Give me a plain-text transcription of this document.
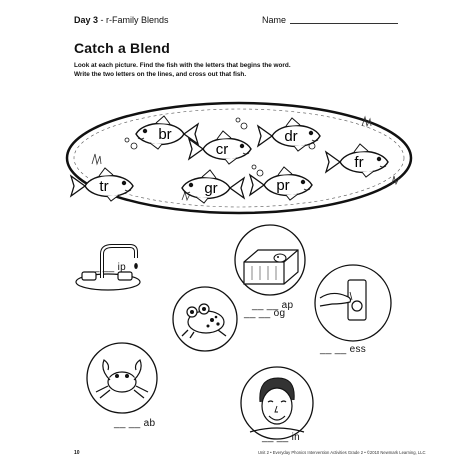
Day 3 - r-Family Blends	Name
Catch a Blend
Look at each picture. Find the fish with the letters that begins the word.
Write the two letters on the lines, and cross out that fish.
br
cr
dr
tr
fr
gr	pr
__ __ ip
__ __ og
__ __ ap
__ __ ess
__ __ ab
__ __ in
10	Unit 2 • Everyday Phonics Intervention Activities Grade 2 • ©2010 Newmark Learning, LLC
